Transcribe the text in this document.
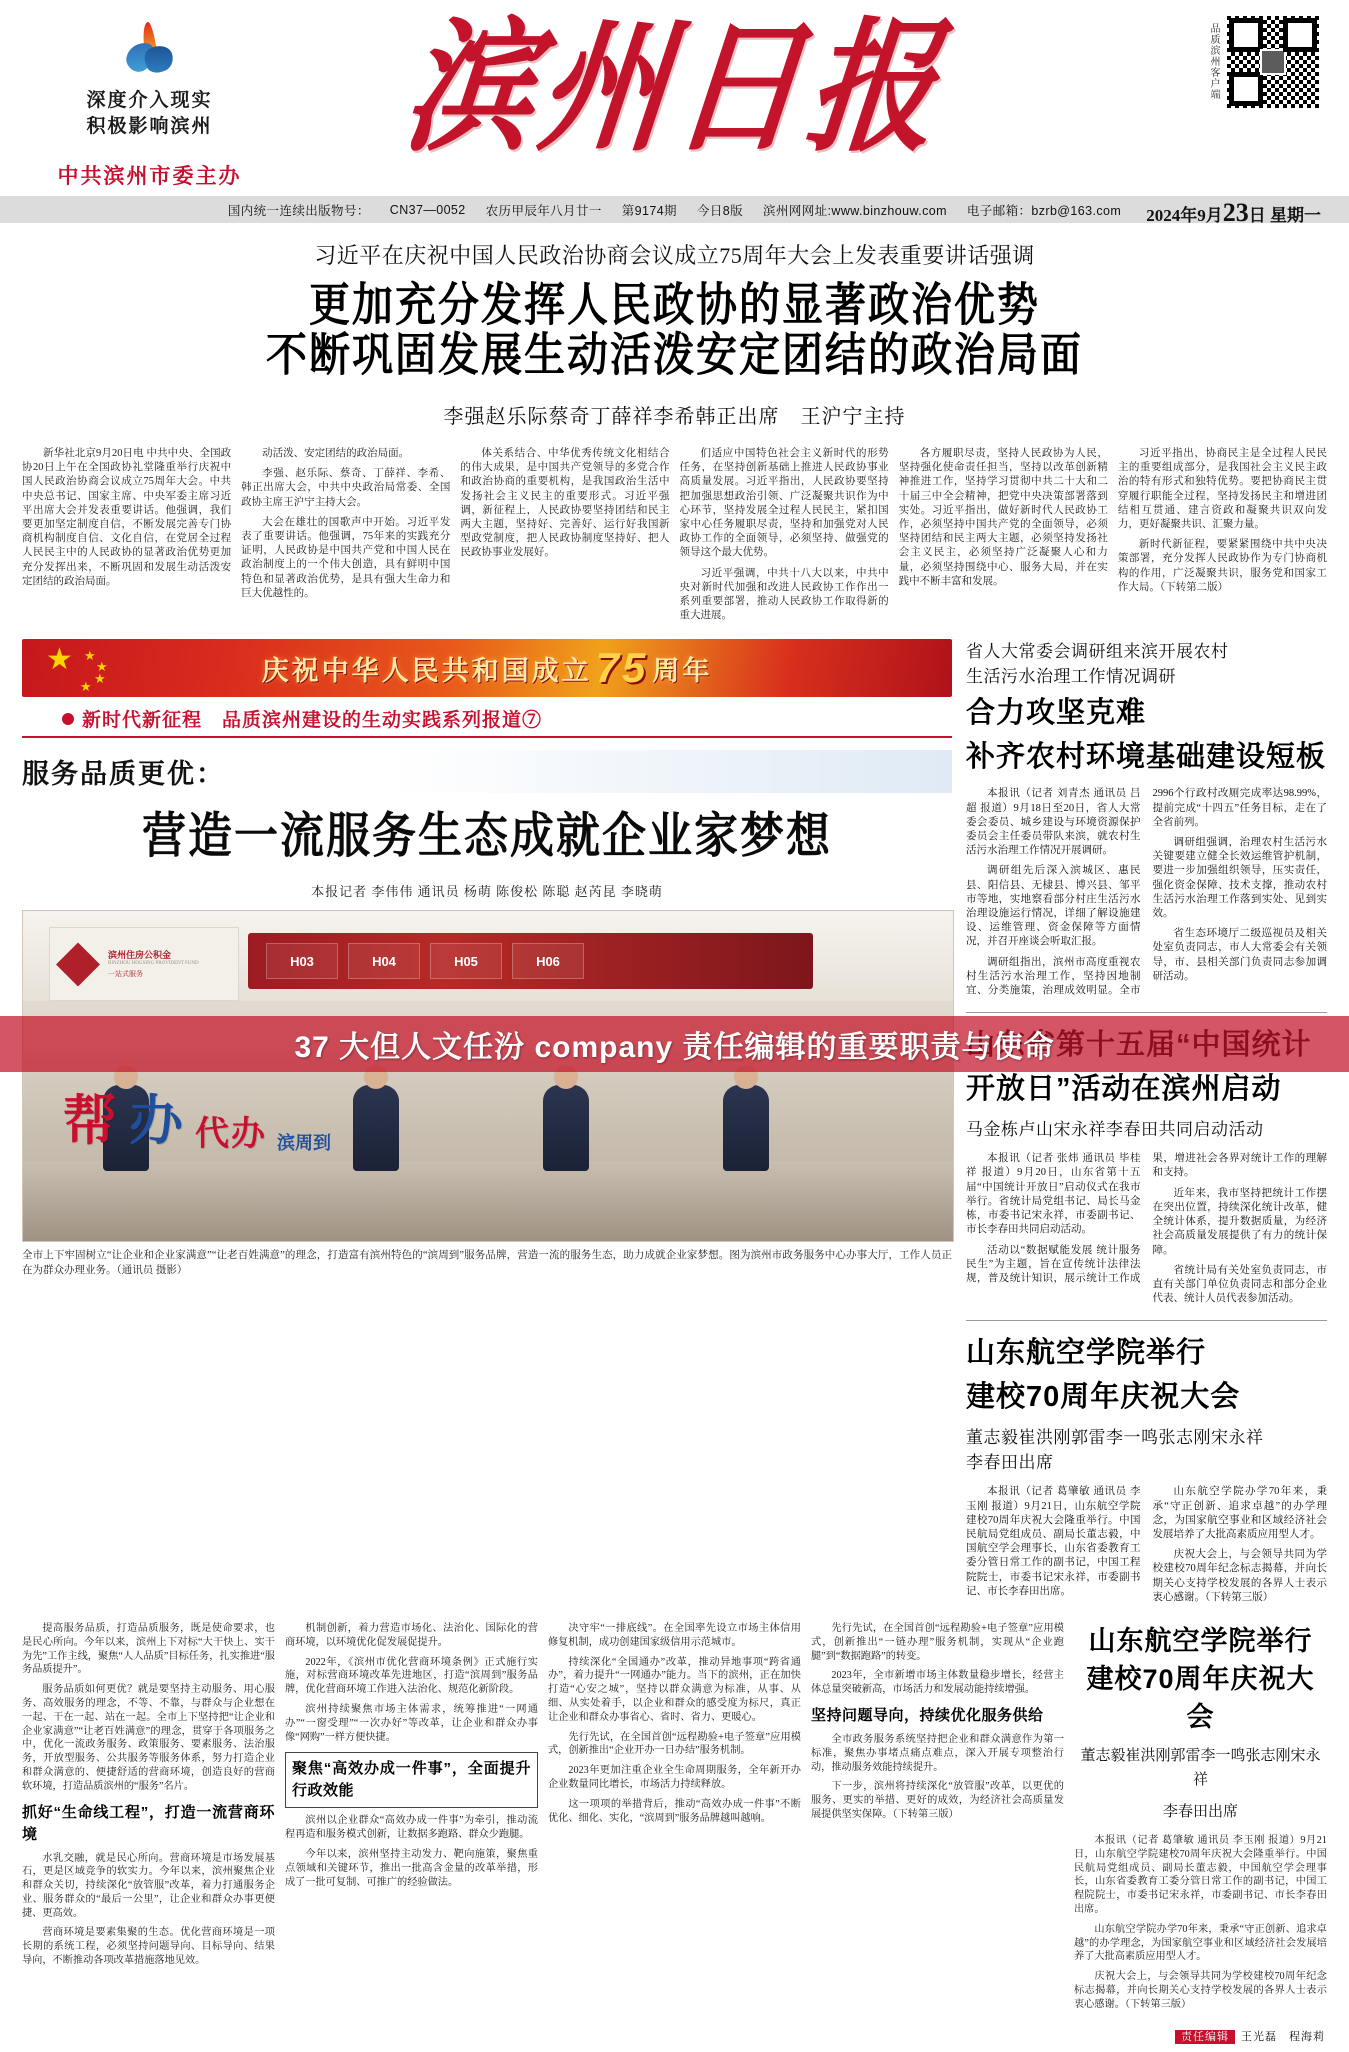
深度介入现实
积极影响滨州
中共滨州市委主办
滨州日报	品质滨州客户端
2024年9月23日 星期一
国内统一连续出版物号： CN37—0052 农历甲辰年八月廿一 第9174期 今日8版 滨州网网址:www.binzhouw.com 电子邮箱：bzrb@163.com
习近平在庆祝中国人民政治协商会议成立75周年大会上发表重要讲话强调
更加充分发挥人民政协的显著政治优势
不断巩固发展生动活泼安定团结的政治局面
李强赵乐际蔡奇丁薛祥李希韩正出席　王沪宁主持

新华社北京9月20日电 中共中央、全国政协20日上午在全国政协礼堂隆重举行庆祝中国人民政治协商会议成立75周年大会。中共中央总书记、国家主席、中央军委主席习近平出席大会并发表重要讲话。他强调，我们要更加坚定制度自信，不断发展完善专门协商机构制度自信、文化自信，在党居全过程人民民主中的人民政协的显著政治优势更加充分发挥出来，不断巩固和发展生动活泼安定团结的政治局面。

动活泼、安定团结的政治局面。

李强、赵乐际、蔡奇、丁薛祥、李希、韩正出席大会，中共中央政治局常委、全国政协主席王沪宁主持大会。

大会在雄壮的国歌声中开始。习近平发表了重要讲话。他强调，75年来的实践充分证明，人民政协是中国共产党和中国人民在政治制度上的一个伟大创造，具有鲜明中国特色和显著政治优势，是具有强大生命力和巨大优越性的。

体关系结合、中华优秀传统文化相结合的伟大成果，是中国共产党领导的多党合作和政治协商的重要机构，是我国政治生活中发扬社会主义民主的重要形式。习近平强调，新征程上，人民政协要坚持团结和民主两大主题，坚持好、完善好、运行好我国新型政党制度，把人民政协制度坚持好、把人民政协事业发展好。

们适应中国特色社会主义新时代的形势任务，在坚持创新基础上推进人民政协事业高质量发展。习近平指出，人民政协要坚持把加强思想政治引领、广泛凝聚共识作为中心环节，坚持发展全过程人民民主，紧扣国家中心任务履职尽责，坚持和加强党对人民政协工作的全面领导，必须坚持、做强党的领导这个最大优势。

习近平强调，中共十八大以来，中共中央对新时代加强和改进人民政协工作作出一系列重要部署，推动人民政协工作取得新的重大进展。

各方履职尽责，坚持人民政协为人民，坚持强化使命责任担当，坚持以改革创新精神推进工作，坚持学习贯彻中共二十大和二十届三中全会精神，把党中央决策部署落到实处。习近平指出，做好新时代人民政协工作，必须坚持中国共产党的全面领导，必须坚持团结和民主两大主题，必须坚持发扬社会主义民主，必须坚持广泛凝聚人心和力量，必须坚持围绕中心、服务大局，并在实践中不断丰富和发展。

习近平指出，协商民主是全过程人民民主的重要组成部分，是我国社会主义民主政治的特有形式和独特优势。要把协商民主贯穿履行职能全过程，坚持发扬民主和增进团结相互贯通、建言资政和凝聚共识双向发力，更好凝聚共识、汇聚力量。

新时代新征程，要紧紧围绕中共中央决策部署，充分发挥人民政协作为专门协商机构的作用，广泛凝聚共识，服务党和国家工作大局。（下转第二版）

★ ★
★
★
★
庆祝中华人民共和国成立 75 周年
新时代新征程　品质滨州建设的生动实践系列报道⑦
服务品质更优：
营造一流服务生态成就企业家梦想
本报记者 李伟伟 通讯员 杨萌 陈俊松 陈聪 赵芮昆 李晓萌
滨州住房公积金
BINZHOU HOUSING PROVIDENT FUND
一站式服务
H03	H04	H05	H06
帮 办 代办 滨周到
全市上下牢固树立“让企业和企业家满意”“让老百姓满意”的理念，打造富有滨州特色的“滨周到”服务品牌，营造一流的服务生态，助力成就企业家梦想。图为滨州市政务服务中心办事大厅，工作人员正在为群众办理业务。（通讯员 摄影）
省人大常委会调研组来滨开展农村
生活污水治理工作情况调研
合力攻坚克难
补齐农村环境基础建设短板

本报讯（记者 刘青杰 通讯员 吕超 报道）9月18日至20日，省人大常委会委员、城乡建设与环境资源保护委员会主任委员带队来滨，就农村生活污水治理工作情况开展调研。

调研组先后深入滨城区、惠民县、阳信县、无棣县、博兴县、邹平市等地，实地察看部分村庄生活污水治理设施运行情况，详细了解设施建设、运维管理、资金保障等方面情况，并召开座谈会听取汇报。

调研组指出，滨州市高度重视农村生活污水治理工作，坚持因地制宜、分类施策，治理成效明显。全市2996个行政村改厕完成率达98.99%，提前完成“十四五”任务目标，走在了全省前列。

调研组强调，治理农村生活污水关键要建立健全长效运维管护机制，要进一步加强组织领导，压实责任，强化资金保障、技术支撑，推动农村生活污水治理工作落到实处、见到实效。

省生态环境厅二级巡视员及相关处室负责同志，市人大常委会有关领导，市、县相关部门负责同志参加调研活动。

开放日”活动在滨州启动
马金栋卢山宋永祥李春田共同启动活动

本报讯（记者 张炜 通讯员 毕桂祥 报道）9月20日，山东省第十五届“中国统计开放日”启动仪式在我市举行。省统计局党组书记、局长马金栋，市委书记宋永祥，市委副书记、市长李春田共同启动活动。

活动以“数据赋能发展 统计服务民生”为主题，旨在宣传统计法律法规，普及统计知识，展示统计工作成果，增进社会各界对统计工作的理解和支持。

近年来，我市坚持把统计工作摆在突出位置，持续深化统计改革，健全统计体系，提升数据质量，为经济社会高质量发展提供了有力的统计保障。

省统计局有关处室负责同志，市直有关部门单位负责同志和部分企业代表、统计人员代表参加活动。

山东航空学院举行
建校70周年庆祝大会
董志毅崔洪刚郭雷李一鸣张志刚宋永祥
李春田出席

本报讯（记者 葛肇敏 通讯员 李玉刚 报道）9月21日，山东航空学院建校70周年庆祝大会隆重举行。中国民航局党组成员、副局长董志毅，中国航空学会理事长，山东省委教育工委分管日常工作的副书记，中国工程院院士，市委书记宋永祥，市委副书记、市长李春田出席。

山东航空学院办学70年来，秉承“守正创新、追求卓越”的办学理念，为国家航空事业和区域经济社会发展培养了大批高素质应用型人才。

庆祝大会上，与会领导共同为学校建校70周年纪念标志揭幕，并向长期关心支持学校发展的各界人士表示衷心感谢。（下转第三版）

提高服务品质，打造品质服务，既是使命要求，也是民心所向。今年以来，滨州上下对标“大干快上、实干为先”工作主线，聚焦“人人品质”目标任务，扎实推进“服务品质提升”。

服务品质如何更优？就是要坚持主动服务、用心服务、高效服务的理念，不等、不靠，与群众与企业想在一起、干在一起、站在一起。全市上下坚持把“让企业和企业家满意”“让老百姓满意”的理念，贯穿于各项服务之中，优化一流政务服务、政策服务、要素服务、法治服务，开放型服务、公共服务等服务体系，努力打造企业和群众满意的、便捷舒适的营商环境，创造良好的营商软环境，打造品质滨州的“服务”名片。

抓好“生命线工程”，打造一流营商环境

水乳交融，就是民心所向。营商环境是市场发展基石，更是区域竞争的软实力。今年以来，滨州聚焦企业和群众关切，持续深化“放管服”改革，着力打通服务企业、服务群众的“最后一公里”，让企业和群众办事更便捷、更高效。

营商环境是要素集聚的生态。优化营商环境是一项长期的系统工程，必须坚持问题导向、目标导向、结果导向，不断推动各项改革措施落地见效。

机制创新，着力营造市场化、法治化、国际化的营商环境，以环境优化促发展促提升。

2022年，《滨州市优化营商环境条例》正式施行实施，对标营商环境改革先进地区，打造“滨周到”服务品牌，优化营商环境工作进入法治化、规范化新阶段。

滨州持续聚焦市场主体需求，统筹推进“一网通办”“一窗受理”“一次办好”等改革，让企业和群众办事像“网购”一样方便快捷。

聚焦“高效办成一件事”，全面提升行政效能

滨州以企业群众“高效办成一件事”为牵引，推动流程再造和服务模式创新，让数据多跑路、群众少跑腿。

今年以来，滨州坚持主动发力、靶向施策，聚焦重点领域和关键环节，推出一批高含金量的改革举措，形成了一批可复制、可推广的经验做法。

决守牢“一排底线”。在全国率先设立市场主体信用修复机制，成功创建国家级信用示范城市。

持续深化“全国通办”改革，推动异地事项“跨省通办”，着力提升“一网通办”能力。当下的滨州，正在加快打造“心安之城”，坚持以群众满意为标准，从事、从细、从实处着手，以企业和群众的感受度为标尺，真正让企业和群众办事省心、省时、省力、更暖心。

先行先试，在全国首创“远程勘验+电子签章”应用模式，创新推出“企业开办一日办结”服务机制。

2023年更加注重企业全生命周期服务，全年新开办企业数量同比增长，市场活力持续释放。

这一项项的举措背后，推动“高效办成一件事”不断优化、细化、实化，“滨周到”服务品牌越叫越响。

先行先试，在全国首创“远程勘验+电子签章”应用模式，创新推出“一链办理”服务机制，实现从“企业跑腿”到“数据跑路”的转变。

2023年，全市新增市场主体数量稳步增长，经营主体总量突破新高，市场活力和发展动能持续增强。

坚持问题导向，持续优化服务供给

全市政务服务系统坚持把企业和群众满意作为第一标准，聚焦办事堵点痛点难点，深入开展专项整治行动，推动服务效能持续提升。

下一步，滨州将持续深化“放管服”改革，以更优的服务、更实的举措、更好的成效，为经济社会高质量发展提供坚实保障。（下转第三版）

山东航空学院举行
建校70周年庆祝大会
董志毅崔洪刚郭雷李一鸣张志刚宋永祥
李春田出席

本报讯（记者 葛肇敏 通讯员 李玉刚 报道）9月21日，山东航空学院建校70周年庆祝大会隆重举行。中国民航局党组成员、副局长董志毅，中国航空学会理事长，山东省委教育工委分管日常工作的副书记，中国工程院院士，市委书记宋永祥，市委副书记、市长李春田出席。

山东航空学院办学70年来，秉承“守正创新、追求卓越”的办学理念，为国家航空事业和区域经济社会发展培养了大批高素质应用型人才。

庆祝大会上，与会领导共同为学校建校70周年纪念标志揭幕，并向长期关心支持学校发展的各界人士表示衷心感谢。（下转第三版）

责任编辑 王光磊　程海莉
37 大但人文任汾 company 责任编辑的重要职责与使命
